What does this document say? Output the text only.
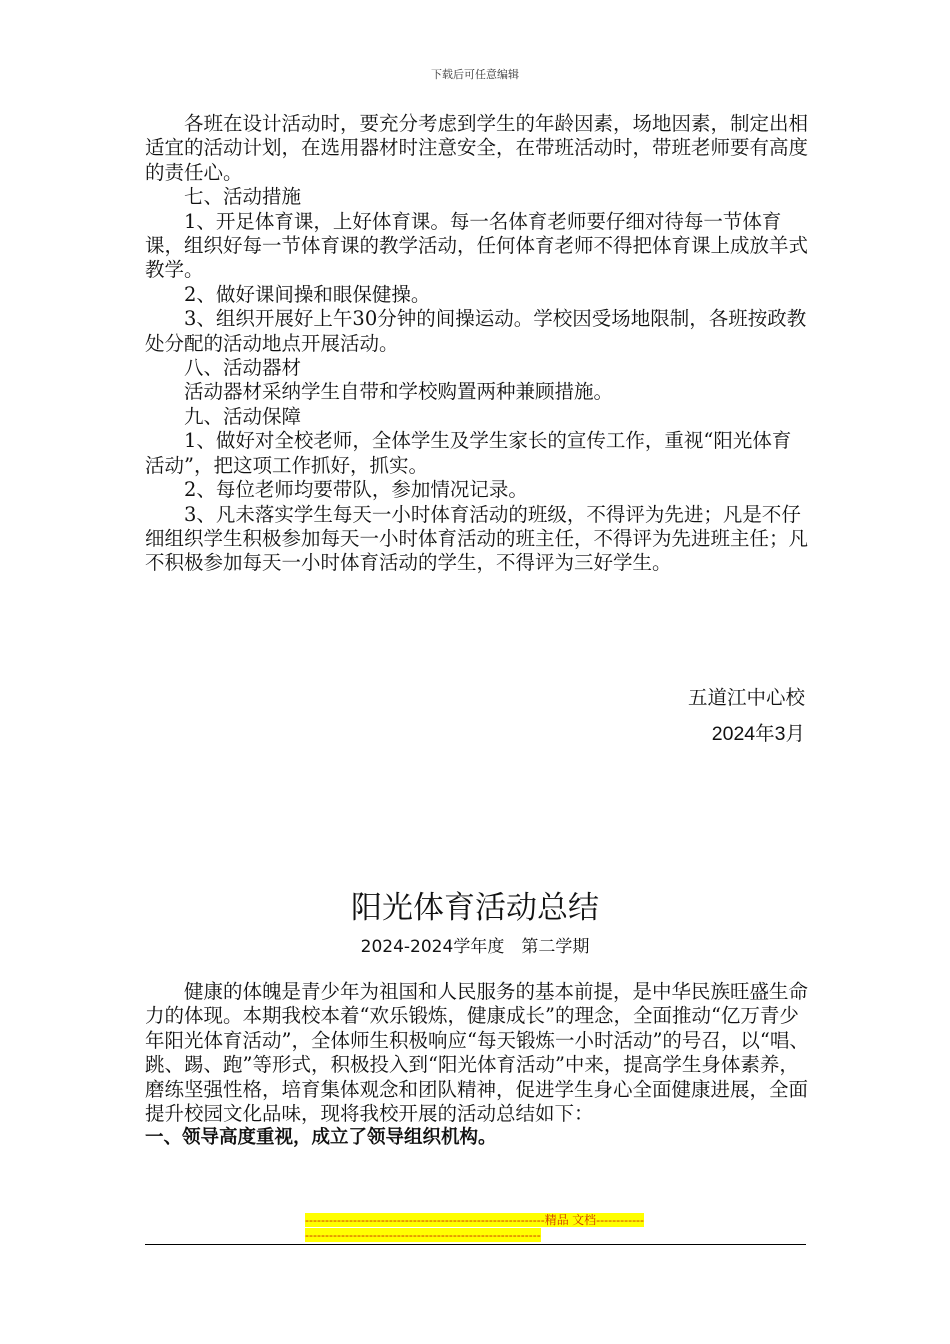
下载后可任意编辑

各班在设计活动时，要充分考虑到学生的年龄因素，场地因素，制定出相适宜的活动计划，在选用器材时注意安全，在带班活动时，带班老师要有高度的责任心。

七、活动措施

1、开足体育课，上好体育课。每一名体育老师要仔细对待每一节体育课，组织好每一节体育课的教学活动，任何体育老师不得把体育课上成放羊式教学。

2、做好课间操和眼保健操。

3、组织开展好上午30分钟的间操运动。学校因受场地限制，各班按政教处分配的活动地点开展活动。

八、活动器材

活动器材采纳学生自带和学校购置两种兼顾措施。

九、活动保障

1、做好对全校老师，全体学生及学生家长的宣传工作，重视“阳光体育活动”，把这项工作抓好，抓实。

2、每位老师均要带队，参加情况记录。

3、凡未落实学生每天一小时体育活动的班级，不得评为先进；凡是不仔细组织学生积极参加每天一小时体育活动的班主任，不得评为先进班主任；凡不积极参加每天一小时体育活动的学生，不得评为三好学生。

五道江中心校
2024年3月
阳光体育活动总结
2024-2024学年度　第二学期

健康的体魄是青少年为祖国和人民服务的基本前提，是中华民族旺盛生命力的体现。本期我校本着“欢乐锻炼，健康成长”的理念，全面推动“亿万青少年阳光体育活动”，全体师生积极响应“每天锻炼一小时活动”的号召，以“唱、跳、踢、跑”等形式，积极投入到“阳光体育活动”中来，提高学生身体素养，磨练坚强性格，培育集体观念和团队精神，促进学生身心全面健康进展，全面提升校园文化品味，现将我校开展的活动总结如下：

一、领导高度重视，成立了领导组织机构。

------------------------------------------------------------精品 文档-----------------------------------------------------------------------
